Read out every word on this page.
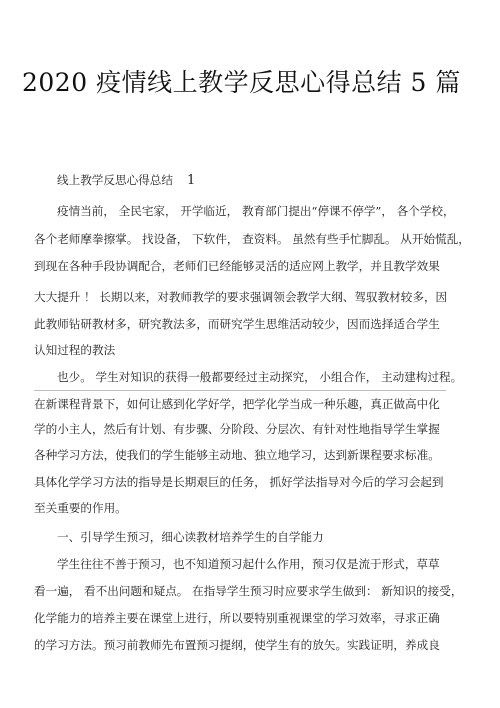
2020 疫情线上教学反思心得总结 5 篇
线上教学反思心得总结 1
疫情当前， 全民宅家， 开学临近， 教育部门提出“停课不停学”， 各个学校，
各个老师摩拳擦掌。 找设备， 下软件， 查资料。 虽然有些手忙脚乱。 从开始慌乱，
到现在各种手段协调配合，老师们已经能够灵活的适应网上教学，并且教学效果
大大提升 ！ 长期以来，对教师教学的要求强调领会教学大纲、驾驭教材较多，因
此教师钻研教材多，研究教法多，而研究学生思维活动较少，因而选择适合学生
认知过程的教法
也少。 学生对知识的获得一般都要经过主动探究， 小组合作， 主动建构过程。
在新课程背景下，如何让感到化学好学，把学化学当成一种乐趣，真正做高中化
学的小主人，然后有计划、有步骤、分阶段、分层次、有针对性地指导学生掌握
各种学习方法，使我们的学生能够主动地、独立地学习，达到新课程要求标准。
具体化学学习方法的指导是长期艰巨的任务， 抓好学法指导对今后的学习会起到
至关重要的作用。
一、引导学生预习，细心读教材培养学生的自学能力
学生往往不善于预习，也不知道预习起什么作用，预习仅是流于形式，草草
看一遍， 看不出问题和疑点。 在指导学生预习时应要求学生做到： 新知识的接受，
化学能力的培养主要在课堂上进行，所以要特别重视课堂的学习效率，寻求正确
的学习方法。预习前教师先布置预习提纲，使学生有的放矢。实践证明，养成良
